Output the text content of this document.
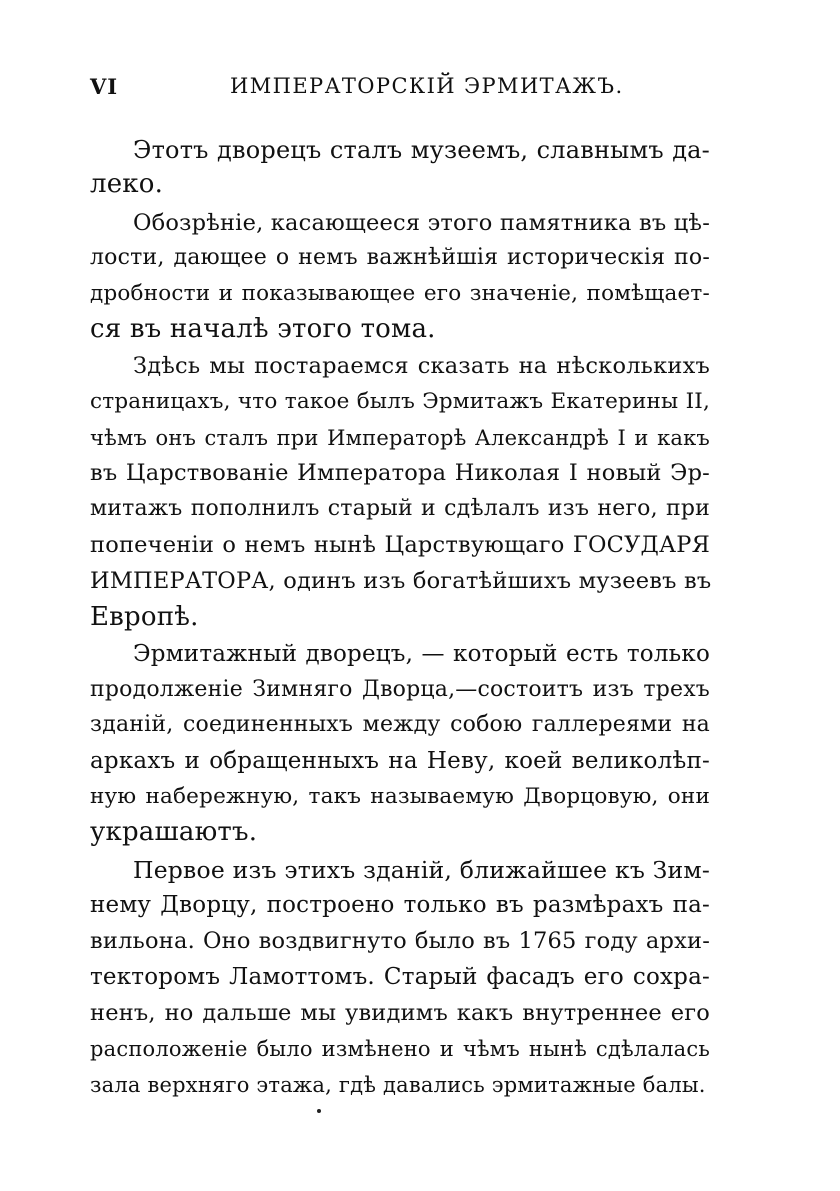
VI	ИМПЕРАТОРСКІЙ ЭРМИТАЖЪ.
Этотъ дворецъ сталъ музеемъ, славнымъ да-
леко.
Обозрѣніе, касающееся этого памятника въ цѣ-
лости, дающее о немъ важнѣйшія историческія по-
дробности и показывающее его значеніе, помѣщает-
ся въ началѣ этого тома.
Здѣсь мы постараемся сказать на нѣсколькихъ
страницахъ, что такое былъ Эрмитажъ Екатерины II,
чѣмъ онъ сталъ при Императорѣ Александрѣ I и какъ
въ Царствованіе Императора Николая I новый Эр-
митажъ пополнилъ старый и сдѣлалъ изъ него, при
попеченіи о немъ нынѣ Царствующаго ГОСУДАРЯ
ИМПЕРАТОРА, одинъ изъ богатѣйшихъ музеевъ въ
Европѣ.
Эрмитажный дворецъ, — который есть только
продолженіе Зимняго Дворца,—состоитъ изъ трехъ
зданій, соединенныхъ между собою галлереями на
аркахъ и обращенныхъ на Неву, коей великолѣп-
ную набережную, такъ называемую Дворцовую, они
украшаютъ.
Первое изъ этихъ зданій, ближайшее къ Зим-
нему Дворцу, построено только въ размѣрахъ па-
вильона. Оно воздвигнуто было въ 1765 году архи-
текторомъ Ламоттомъ. Старый фасадъ его сохра-
ненъ, но дальше мы увидимъ какъ внутреннее его
расположеніе было измѣнено и чѣмъ нынѣ сдѣлалась
зала верхняго этажа, гдѣ давались эрмитажные балы.
